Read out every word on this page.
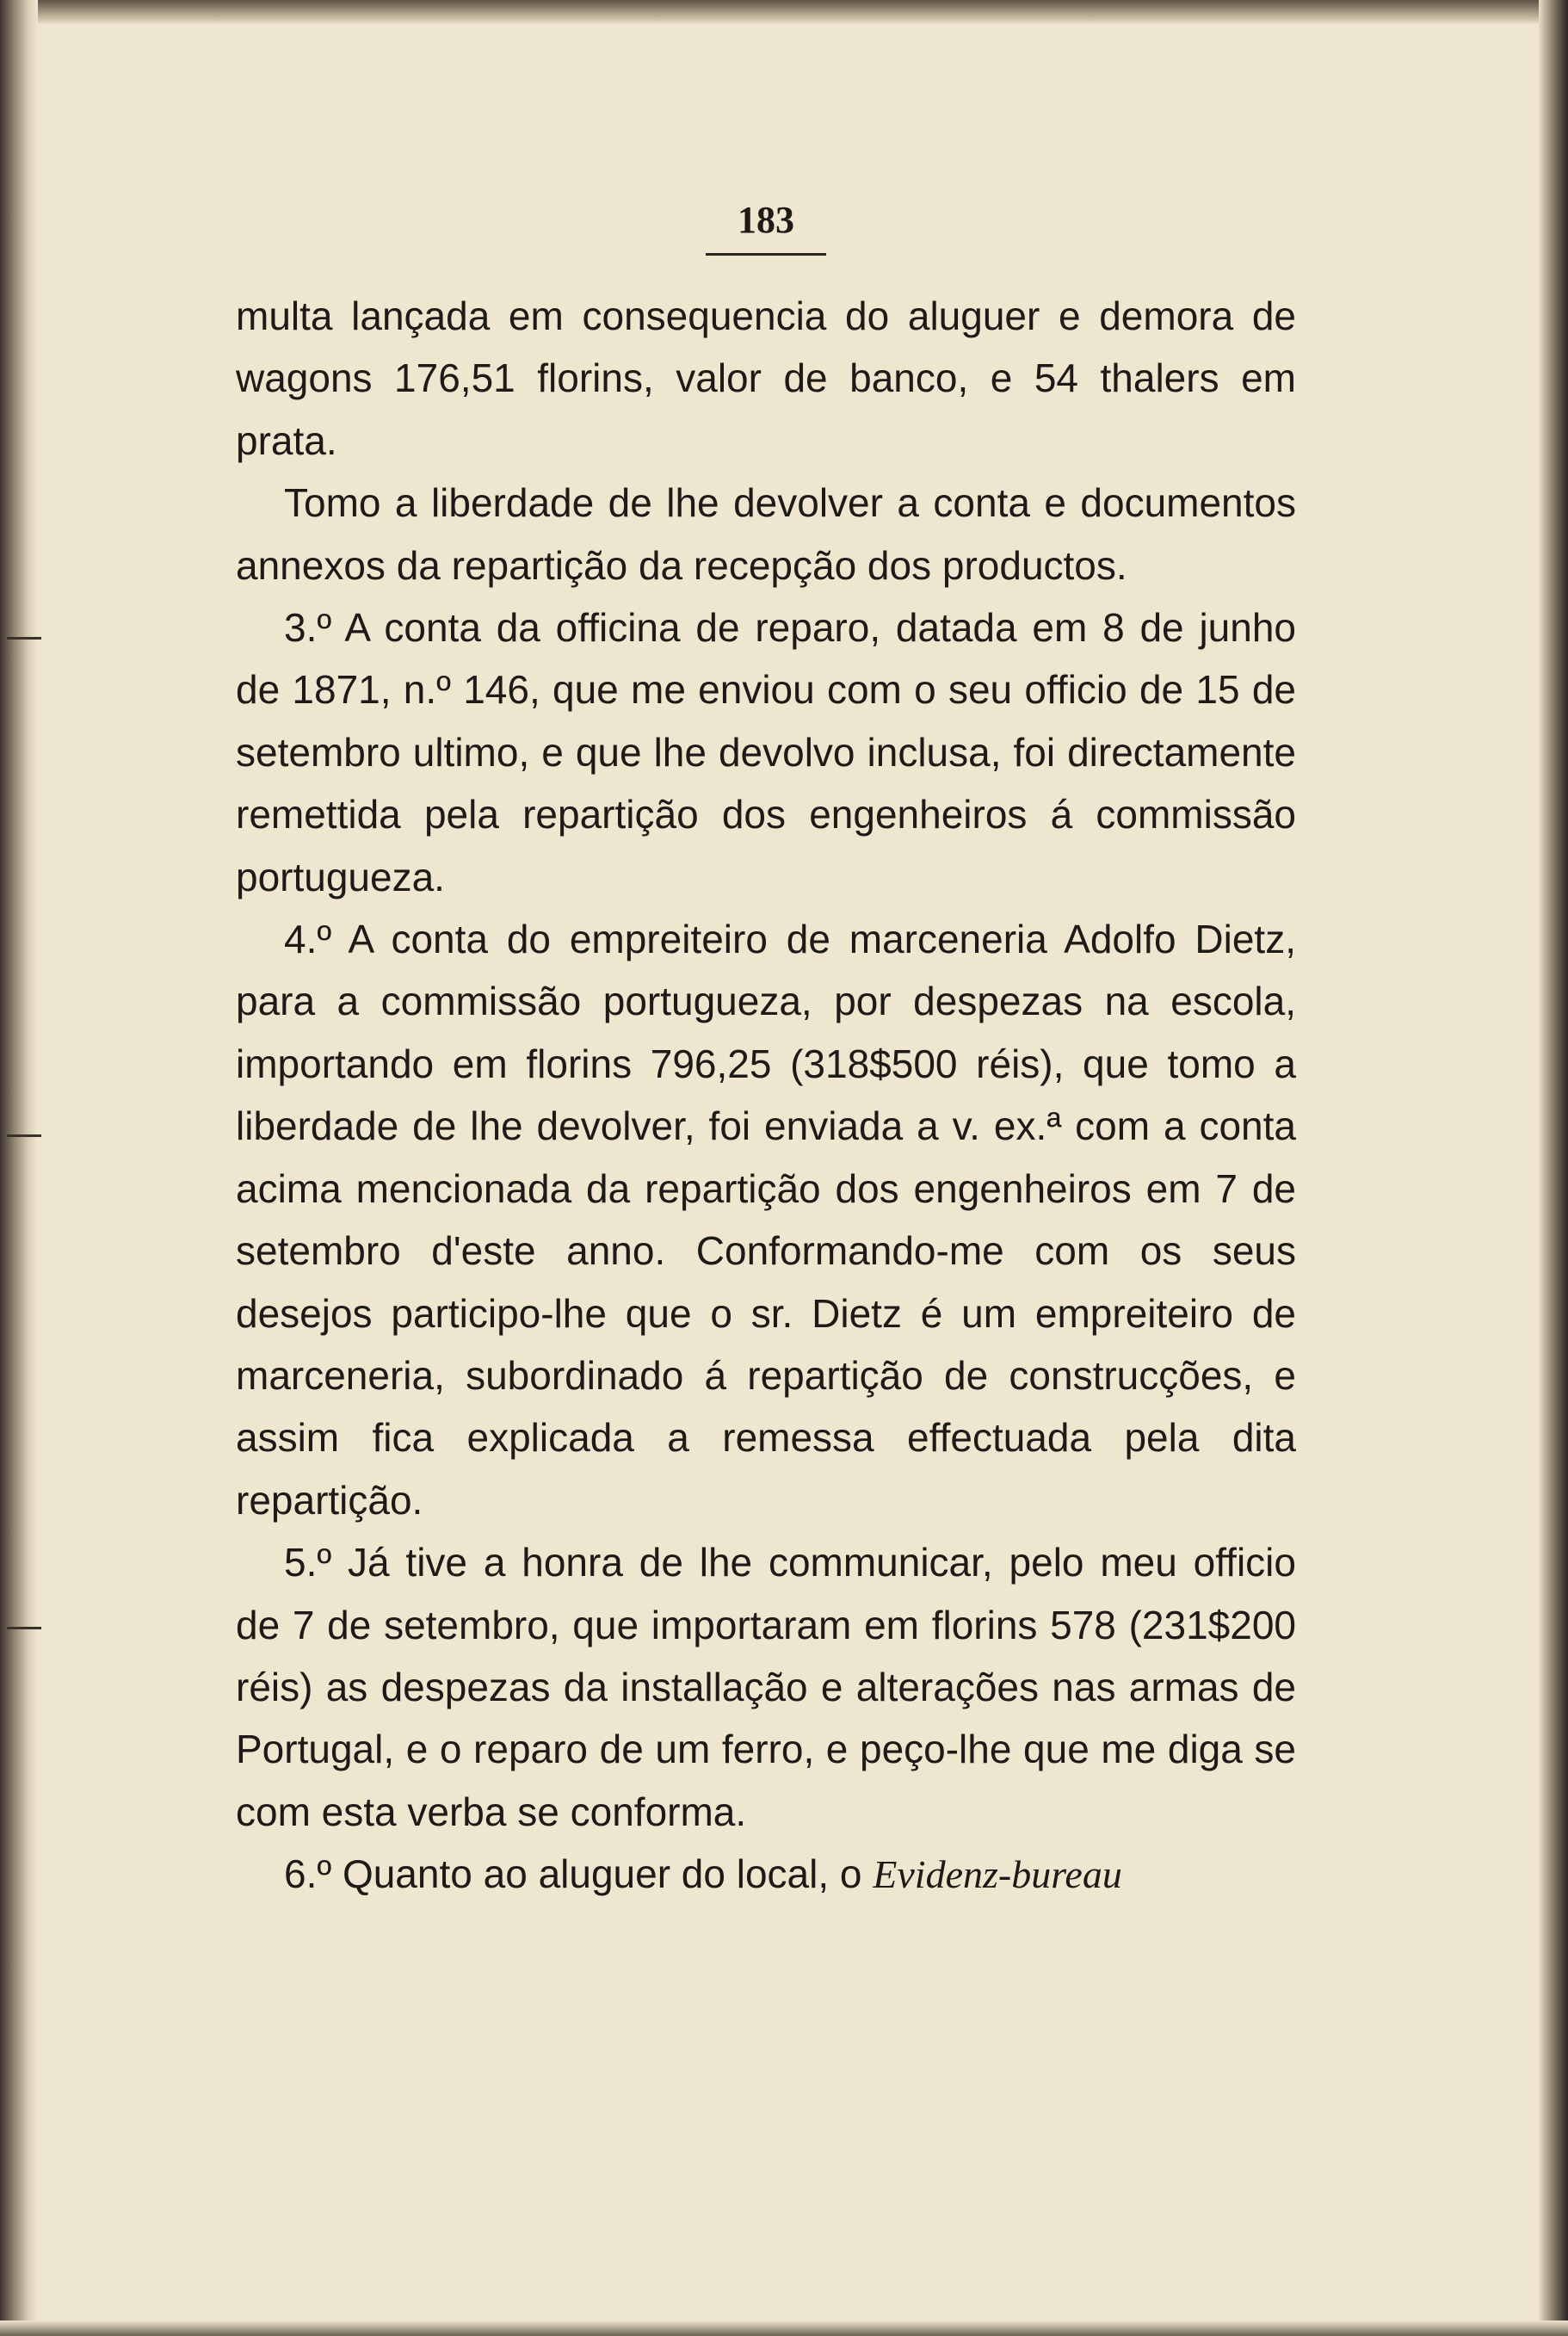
183

multa lançada em consequencia do aluguer e demora de wagons 176,51 florins, valor de banco, e 54 thalers em prata.

Tomo a liberdade de lhe devolver a conta e documentos annexos da repartição da recepção dos productos.

3.º A conta da officina de reparo, datada em 8 de junho de 1871, n.º 146, que me enviou com o seu officio de 15 de setembro ultimo, e que lhe devolvo inclusa, foi directamente remettida pela repartição dos engenheiros á commissão portugueza.

4.º A conta do empreiteiro de marceneria Adolfo Dietz, para a commissão portugueza, por despezas na escola, importando em florins 796,25 (318$500 réis), que tomo a liberdade de lhe devolver, foi enviada a v. ex.ª com a conta acima mencionada da repartição dos engenheiros em 7 de setembro d'este anno. Conformando-me com os seus desejos participo-lhe que o sr. Dietz é um empreiteiro de marceneria, subordinado á repartição de construcções, e assim fica explicada a remessa effectuada pela dita repartição.

5.º Já tive a honra de lhe communicar, pelo meu officio de 7 de setembro, que importaram em florins 578 (231$200 réis) as despezas da installação e alterações nas armas de Portugal, e o reparo de um ferro, e peço-lhe que me diga se com esta verba se conforma.

6.º Quanto ao aluguer do local, o Evidenz-bureau
